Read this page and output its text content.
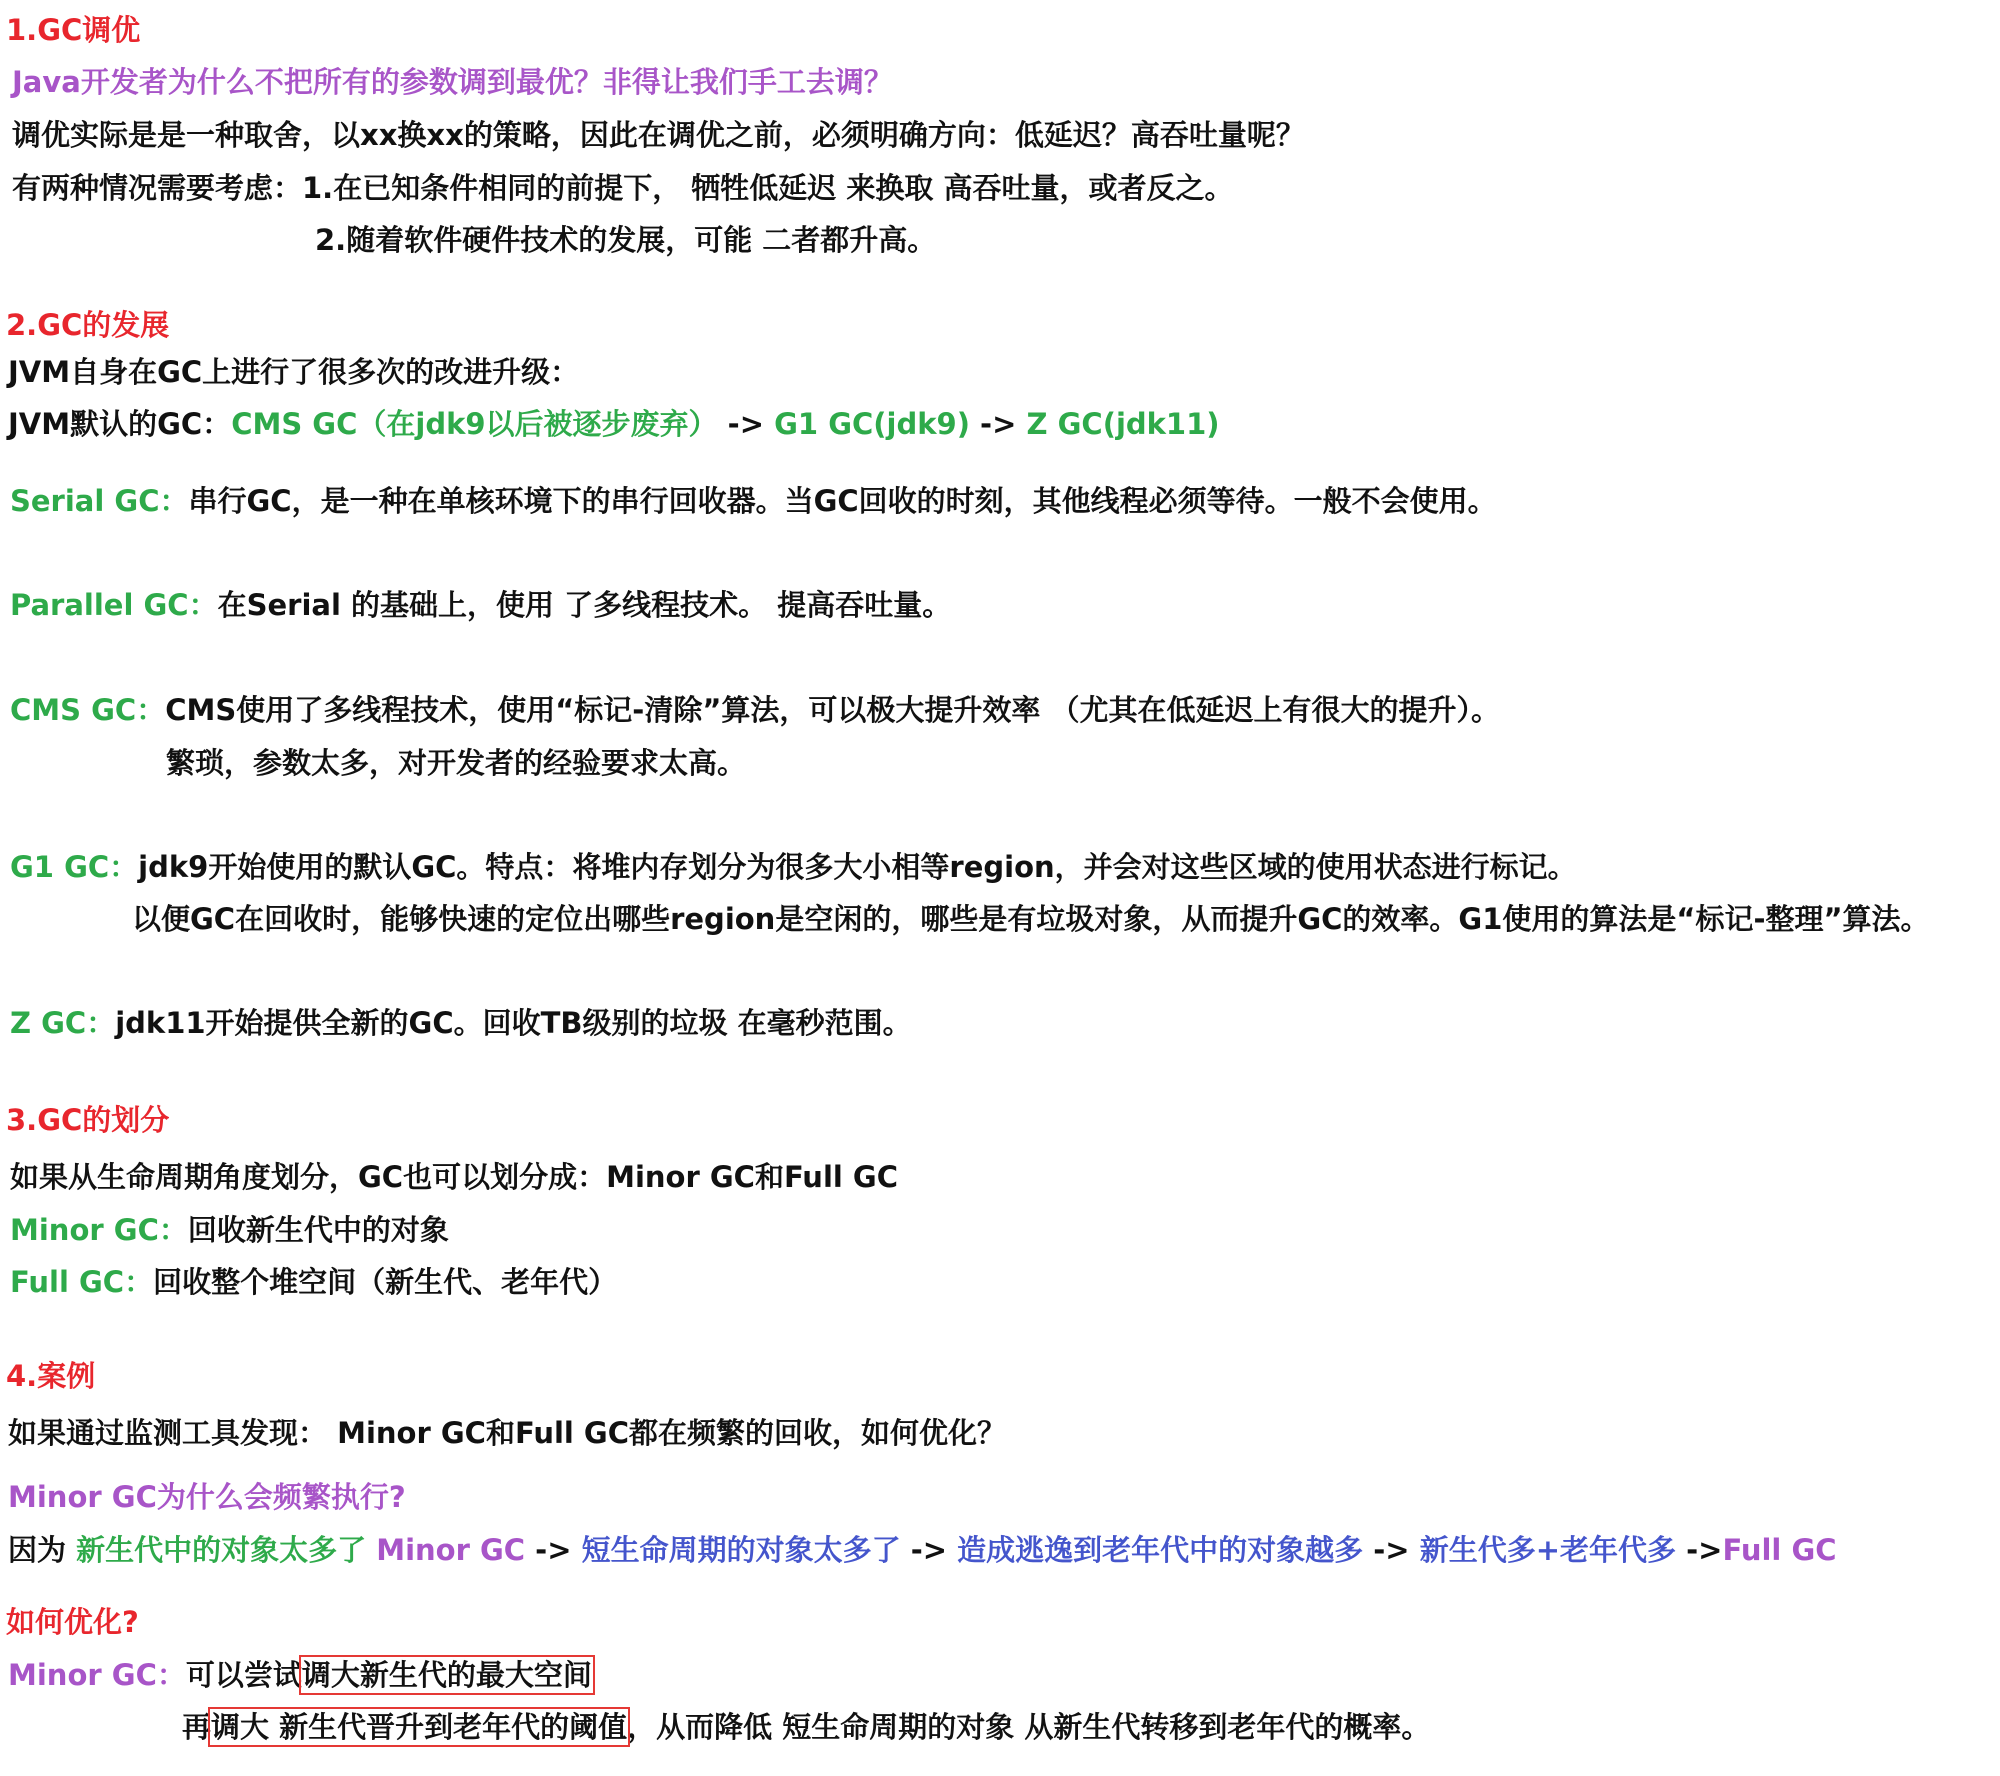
1.GC调优
Java开发者为什么不把所有的参数调到最优？非得让我们手工去调？
调优实际是是一种取舍，以xx换xx的策略，因此在调优之前，必须明确方向：低延迟？高吞吐量呢？
有两种情况需要考虑：1.在已知条件相同的前提下， 牺牲低延迟 来换取 高吞吐量，或者反之。
2.随着软件硬件技术的发展，可能 二者都升高。
2.GC的发展
JVM自身在GC上进行了很多次的改进升级：
JVM默认的GC：CMS GC（在jdk9以后被逐步废弃） -> G1 GC(jdk9) -> Z GC(jdk11)
Serial GC：串行GC，是一种在单核环境下的串行回收器。当GC回收的时刻，其他线程必须等待。一般不会使用。
Parallel GC：在Serial 的基础上，使用 了多线程技术。 提高吞吐量。
CMS GC：CMS使用了多线程技术，使用“标记-清除”算法，可以极大提升效率 （尤其在低延迟上有很大的提升）。
繁琐，参数太多，对开发者的经验要求太高。
G1 GC：jdk9开始使用的默认GC。特点：将堆内存划分为很多大小相等region，并会对这些区域的使用状态进行标记。
以便GC在回收时，能够快速的定位出哪些region是空闲的，哪些是有垃圾对象，从而提升GC的效率。G1使用的算法是“标记-整理”算法。
Z GC：jdk11开始提供全新的GC。回收TB级别的垃圾 在毫秒范围。
3.GC的划分
如果从生命周期角度划分，GC也可以划分成：Minor GC和Full GC
Minor GC：回收新生代中的对象
Full GC：回收整个堆空间（新生代、老年代）
4.案例
如果通过监测工具发现： Minor GC和Full GC都在频繁的回收，如何优化？
Minor GC为什么会频繁执行?
因为 新生代中的对象太多了 Minor GC -> 短生命周期的对象太多了 -> 造成逃逸到老年代中的对象越多 -> 新生代多+老年代多 ->Full GC
如何优化?
Minor GC：可以尝试调大新生代的最大空间
再调大 新生代晋升到老年代的阈值，从而降低 短生命周期的对象 从新生代转移到老年代的概率。
